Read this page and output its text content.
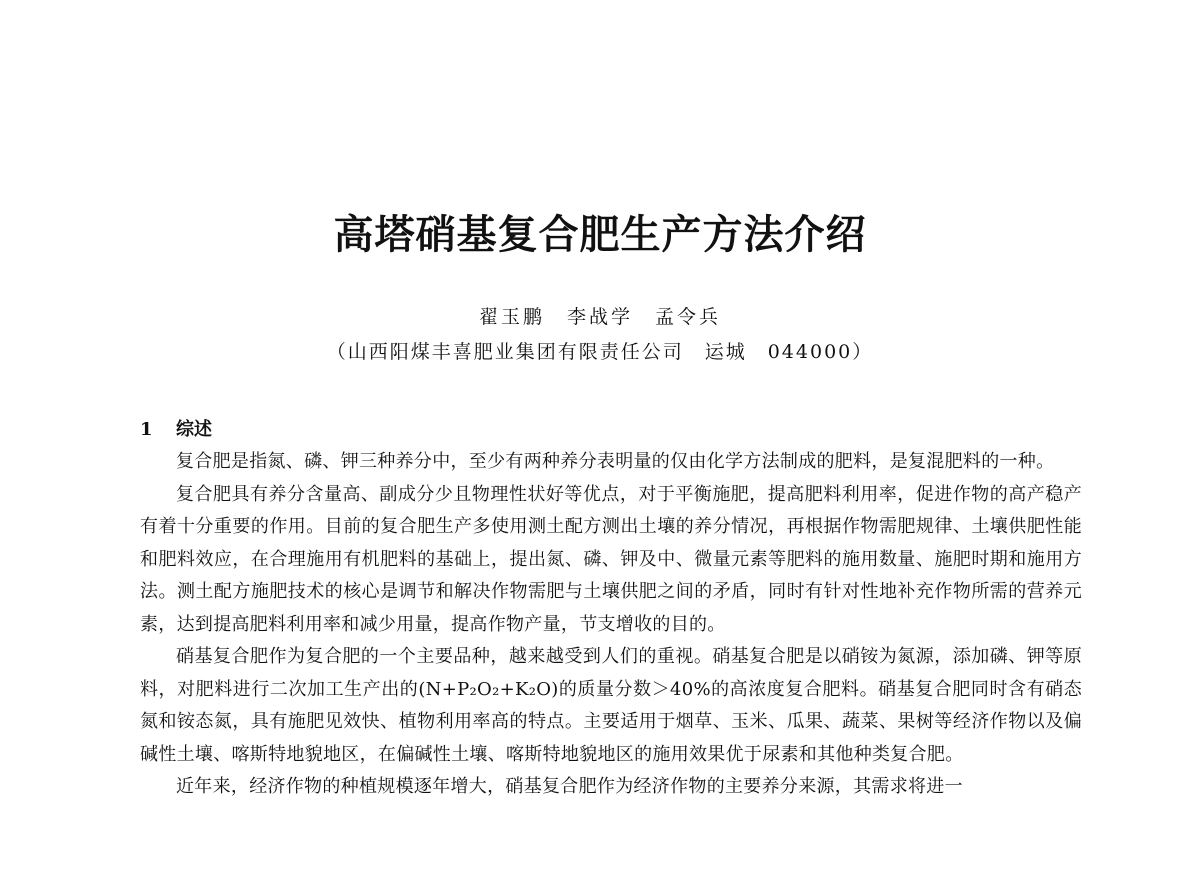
高塔硝基复合肥生产方法介绍
翟玉鹏　李战学　孟令兵
（山西阳煤丰喜肥业集团有限责任公司　运城　044000）
1 综述

复合肥是指氮、磷、钾三种养分中，至少有两种养分表明量的仅由化学方法制成的肥料，是复混肥料的一种。

复合肥具有养分含量高、副成分少且物理性状好等优点，对于平衡施肥，提高肥料利用率，促进作物的高产稳产有着十分重要的作用。目前的复合肥生产多使用测土配方测出土壤的养分情况，再根据作物需肥规律、土壤供肥性能和肥料效应，在合理施用有机肥料的基础上，提出氮、磷、钾及中、微量元素等肥料的施用数量、施肥时期和施用方法。测土配方施肥技术的核心是调节和解决作物需肥与土壤供肥之间的矛盾，同时有针对性地补充作物所需的营养元素，达到提高肥料利用率和减少用量，提高作物产量，节支增收的目的。

硝基复合肥作为复合肥的一个主要品种，越来越受到人们的重视。硝基复合肥是以硝铵为氮源，添加磷、钾等原料，对肥料进行二次加工生产出的(N+P₂O₂+K₂O)的质量分数＞40%的高浓度复合肥料。硝基复合肥同时含有硝态氮和铵态氮，具有施肥见效快、植物利用率高的特点。主要适用于烟草、玉米、瓜果、蔬菜、果树等经济作物以及偏碱性土壤、喀斯特地貌地区，在偏碱性土壤、喀斯特地貌地区的施用效果优于尿素和其他种类复合肥。

近年来，经济作物的种植规模逐年增大，硝基复合肥作为经济作物的主要养分来源，其需求将进一
